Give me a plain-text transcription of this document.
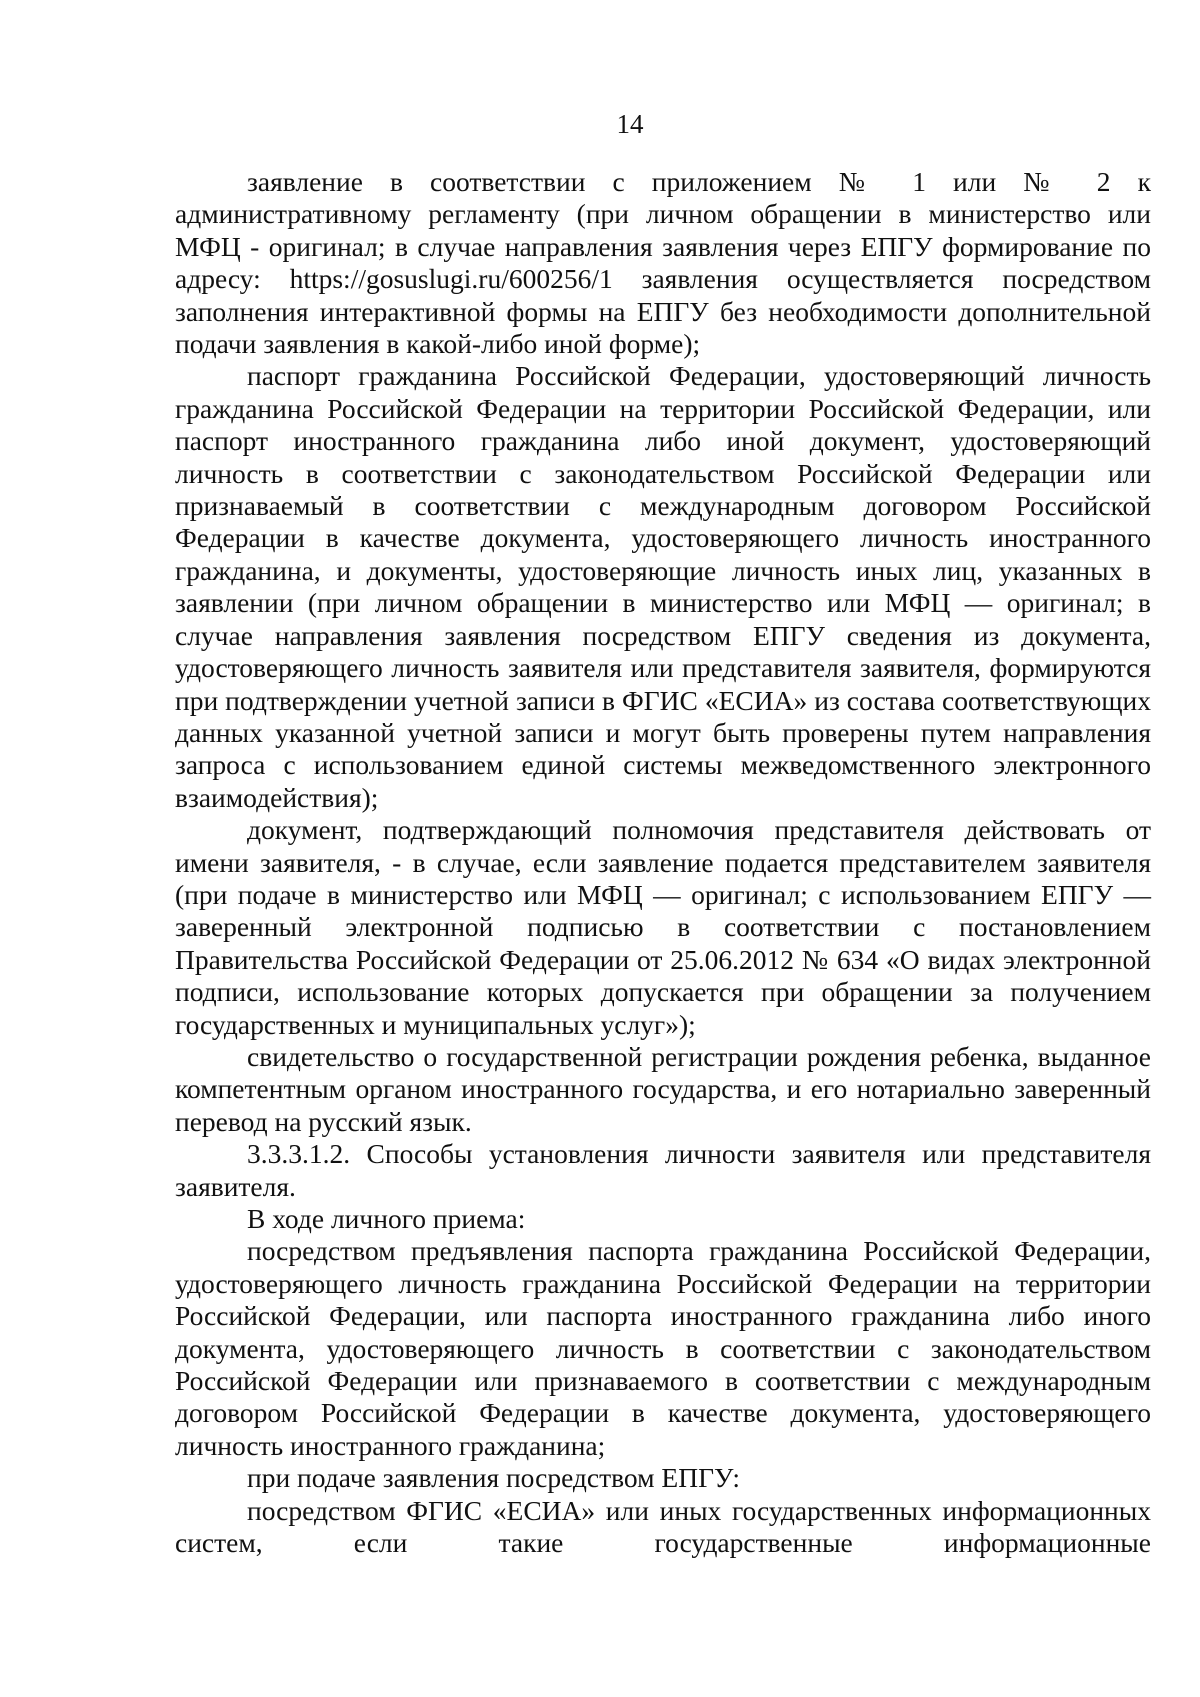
14

заявление в соответствии с приложением № 1 или № 2 к административному регламенту (при личном обращении в министерство или МФЦ - оригинал; в случае направления заявления через ЕПГУ формирование по адресу: https://gosuslugi.ru/600256/1 заявления осуществляется посредством заполнения интерактивной формы на ЕПГУ без необходимости дополнительной подачи заявления в какой-либо иной форме);

паспорт гражданина Российской Федерации, удостоверяющий личность гражданина Российской Федерации на территории Российской Федерации, или паспорт иностранного гражданина либо иной документ, удостоверяющий личность в соответствии с законодательством Российской Федерации или признаваемый в соответствии с международным договором Российской Федерации в качестве документа, удостоверяющего личность иностранного гражданина, и документы, удостоверяющие личность иных лиц, указанных в заявлении (при личном обращении в министерство или МФЦ — оригинал; в случае направления заявления посредством ЕПГУ сведения из документа, удостоверяющего личность заявителя или представителя заявителя, формируются при подтверждении учетной записи в ФГИС «ЕСИА» из состава соответствующих данных указанной учетной записи и могут быть проверены путем направления запроса с использованием единой системы межведомственного электронного взаимодействия);

документ, подтверждающий полномочия представителя действовать от имени заявителя, - в случае, если заявление подается представителем заявителя (при подаче в министерство или МФЦ — оригинал; с использованием ЕПГУ — заверенный электронной подписью в соответствии с постановлением Правительства Российской Федерации от 25.06.2012 № 634 «О видах электронной подписи, использование которых допускается при обращении за получением государственных и муниципальных услуг»);

свидетельство о государственной регистрации рождения ребенка, выданное компетентным органом иностранного государства, и его нотариально заверенный перевод на русский язык.

3.3.3.1.2. Способы установления личности заявителя или представителя заявителя.

В ходе личного приема:

посредством предъявления паспорта гражданина Российской Федерации, удостоверяющего личность гражданина Российской Федерации на территории Российской Федерации, или паспорта иностранного гражданина либо иного документа, удостоверяющего личность в соответствии с законодательством Российской Федерации или признаваемого в соответствии с международным договором Российской Федерации в качестве документа, удостоверяющего личность иностранного гражданина;

при подаче заявления посредством ЕПГУ:

посредством ФГИС «ЕСИА» или иных государственных информационных систем, если такие государственные информационные
